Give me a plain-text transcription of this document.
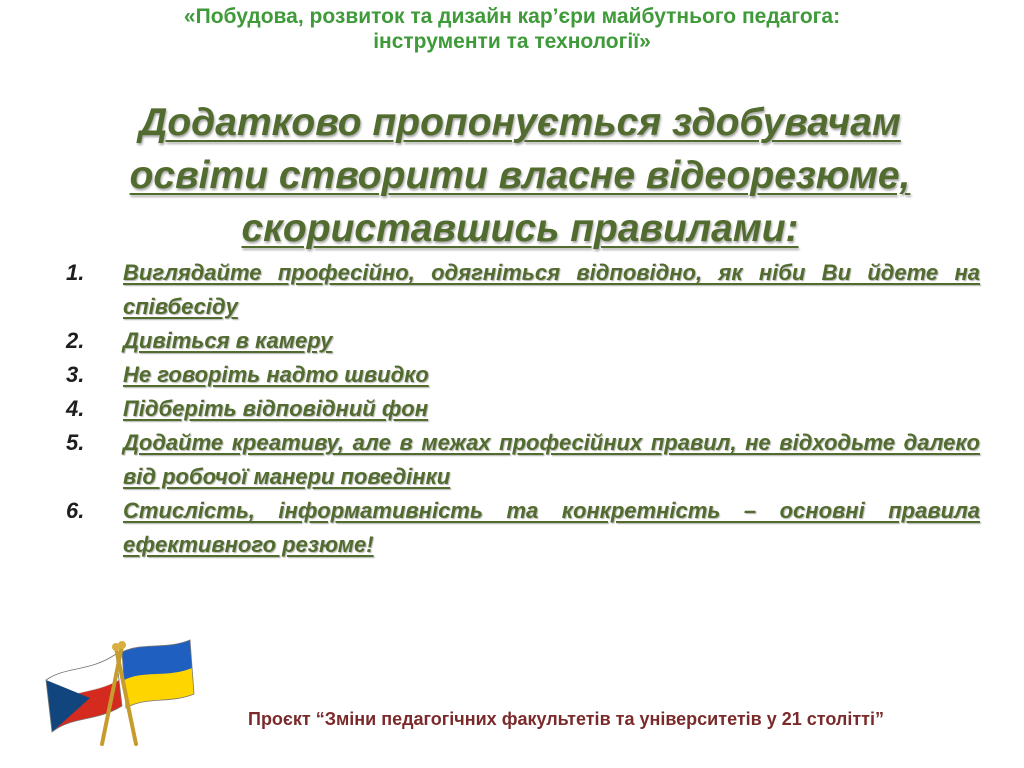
«Побудова, розвиток та дизайн кар’єри майбутнього педагога:
інструменти та технології»
Додатково пропонується здобувачам
освіти створити власне відеорезюме,
скориставшись правилами:
1.	Виглядайте професійно, одягніться відповідно, як ніби Ви йдете на співбесіду
2.	Дивіться в камеру
3.	Не говоріть надто швидко
4.	Підберіть відповідний фон
5.	Додайте креативу, але в межах професійних правил, не відходьте далеко від робочої манери поведінки
6.	Стислість, інформативність та конкретність – основні правила ефективного резюме!
Проєкт “Зміни педагогічних факультетів та університетів у 21 столітті”
